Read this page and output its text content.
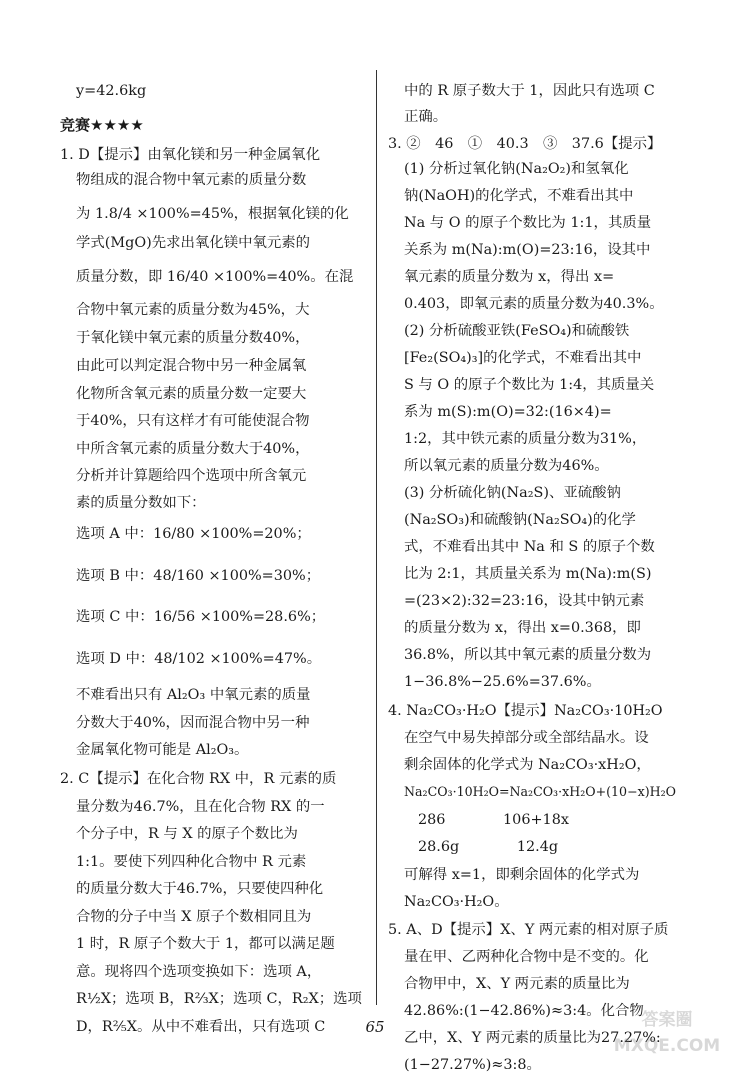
y=42.6kg
竞赛★★★★
1. D【提示】由氧化镁和另一种金属氧化
物组成的混合物中氧元素的质量分数
为 1.8/4 ×100%=45%，根据氧化镁的化
学式(MgO)先求出氧化镁中氧元素的
质量分数，即 16/40 ×100%=40%。在混
合物中氧元素的质量分数为45%，大
于氧化镁中氧元素的质量分数40%，
由此可以判定混合物中另一种金属氧
化物所含氧元素的质量分数一定要大
于40%，只有这样才有可能使混合物
中所含氧元素的质量分数大于40%，
分析并计算题给四个选项中所含氧元
素的质量分数如下：
选项 A 中：16/80 ×100%=20%；
选项 B 中：48/160 ×100%=30%；
选项 C 中：16/56 ×100%=28.6%；
选项 D 中：48/102 ×100%=47%。
不难看出只有 Al₂O₃ 中氧元素的质量
分数大于40%，因而混合物中另一种
金属氧化物可能是 Al₂O₃。
2. C【提示】在化合物 RX 中，R 元素的质
量分数为46.7%，且在化合物 RX 的一
个分子中，R 与 X 的原子个数比为
1:1。要使下列四种化合物中 R 元素
的质量分数大于46.7%，只要使四种化
合物的分子中当 X 原子个数相同且为
1 时，R 原子个数大于 1，都可以满足题
意。现将四个选项变换如下：选项 A，
R½X；选项 B，R⅔X；选项 C，R₂X；选项
D，R⅖X。从中不难看出，只有选项 C
中的 R 原子数大于 1，因此只有选项 C
正确。
3. ②　46　①　40.3　③　37.6【提示】
(1) 分析过氧化钠(Na₂O₂)和氢氧化
钠(NaOH)的化学式，不难看出其中
Na 与 O 的原子个数比为 1:1，其质量
关系为 m(Na):m(O)=23:16，设其中
氧元素的质量分数为 x，得出 x=
0.403，即氧元素的质量分数为40.3%。
(2) 分析硫酸亚铁(FeSO₄)和硫酸铁
[Fe₂(SO₄)₃]的化学式，不难看出其中
S 与 O 的原子个数比为 1:4，其质量关
系为 m(S):m(O)=32:(16×4)=
1:2，其中铁元素的质量分数为31%，
所以氧元素的质量分数为46%。
(3) 分析硫化钠(Na₂S)、亚硫酸钠
(Na₂SO₃)和硫酸钠(Na₂SO₄)的化学
式，不难看出其中 Na 和 S 的原子个数
比为 2:1，其质量关系为 m(Na):m(S)
=(23×2):32=23:16，设其中钠元素
的质量分数为 x，得出 x=0.368，即
36.8%，所以其中氧元素的质量分数为
1−36.8%−25.6%=37.6%。
4. Na₂CO₃·H₂O【提示】Na₂CO₃·10H₂O
在空气中易失掉部分或全部结晶水。设
剩余固体的化学式为 Na₂CO₃·xH₂O，
Na₂CO₃·10H₂O=Na₂CO₃·xH₂O+(10−x)H₂O
286　　　　106+18x
28.6g　　　　12.4g
可解得 x=1，即剩余固体的化学式为
Na₂CO₃·H₂O。
5. A、D【提示】X、Y 两元素的相对原子质
量在甲、乙两种化合物中是不变的。化
合物甲中，X、Y 两元素的质量比为
42.86%:(1−42.86%)≈3:4。化合物
乙中，X、Y 两元素的质量比为27.27%:
(1−27.27%)≈3:8。
65	答案圈
MXQE.COM
